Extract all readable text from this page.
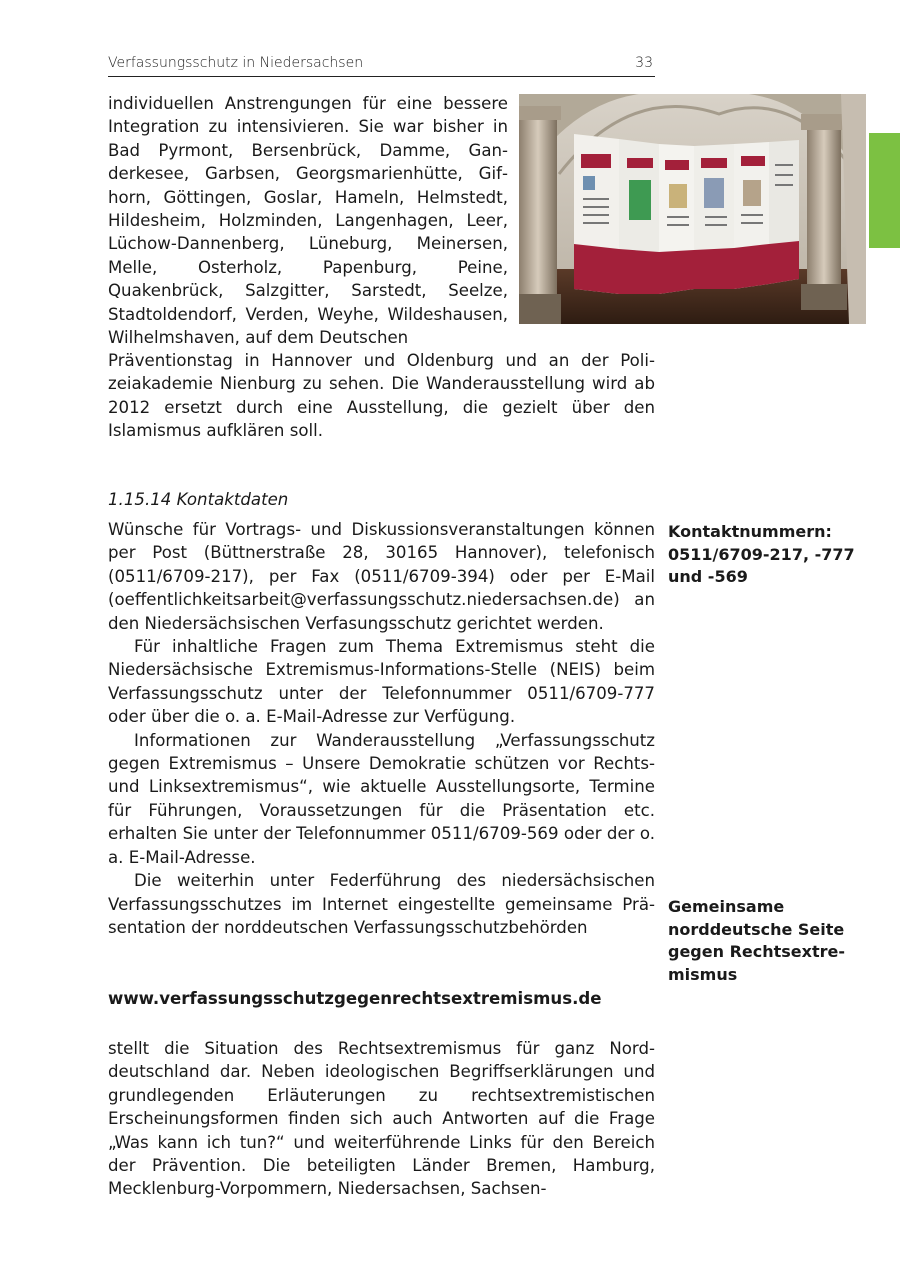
Verfassungsschutz in Niedersachsen	33

individuellen Anstrengungen für eine bessere Integration zu intensivieren. Sie war bisher in Bad Pyrmont, Bersenbrück, Damme, Ganderkesee, Garbsen, Georgsmarienhütte, Gifhorn, Göttingen, Goslar, Hameln, Helmstedt, Hildesheim, Holzminden, Langenhagen, Leer, Lüchow-Dannenberg, Lüneburg, Meinersen, Melle, Osterholz, Papenburg, Peine, Quakenbrück, Salzgitter, Sarstedt, Seelze, Stadtoldendorf, Verden, Weyhe, Wildeshausen, Wilhelmshaven, auf dem Deutschen

Präventionstag in Hannover und Oldenburg und an der Polizeiakademie Nienburg zu sehen. Die Wanderausstellung wird ab 2012 ersetzt durch eine Ausstellung, die gezielt über den Islamismus aufklären soll.

1.15.14 Kontaktdaten

Wünsche für Vortrags- und Diskussionsveranstaltungen können per Post (Büttnerstraße 28, 30165 Hannover), telefonisch (0511/6709-217), per Fax (0511/6709-394) oder per E-Mail (oeffentlichkeitsarbeit@verfassungsschutz.niedersachsen.de) an den Niedersächsischen Verfasungsschutz gerichtet werden.

Für inhaltliche Fragen zum Thema Extremismus steht die Niedersächsische Extremismus-Informations-Stelle (NEIS) beim Verfassungsschutz unter der Telefonnummer 0511/6709-777 oder über die o. a. E-Mail-Adresse zur Verfügung.

Informationen zur Wanderausstellung „Verfassungsschutz gegen Extremismus – Unsere Demokratie schützen vor Rechts- und Linksextremismus“, wie aktuelle Ausstellungsorte, Termine für Führungen, Voraussetzungen für die Präsentation etc. erhalten Sie unter der Telefonnummer 0511/6709-569 oder der o. a. E-Mail-Adresse.

Die weiterhin unter Federführung des niedersächsischen Verfassungsschutzes im Internet eingestellte gemeinsame Präsentation der norddeutschen Verfassungsschutzbehörden

Kontaktnummern: 0511/6709-217, -777 und -569
Gemeinsame norddeutsche Seite gegen Rechtsextremismus
www.verfassungsschutzgegenrechtsextremismus.de

stellt die Situation des Rechtsextremismus für ganz Norddeutschland dar. Neben ideologischen Begriffserklärungen und grundlegenden Erläuterungen zu rechtsextremistischen Erscheinungsformen finden sich auch Antworten auf die Frage „Was kann ich tun?“ und weiterführende Links für den Bereich der Prävention. Die beteiligten Länder Bremen, Hamburg, Mecklenburg-Vorpommern, Niedersachsen, Sachsen-
